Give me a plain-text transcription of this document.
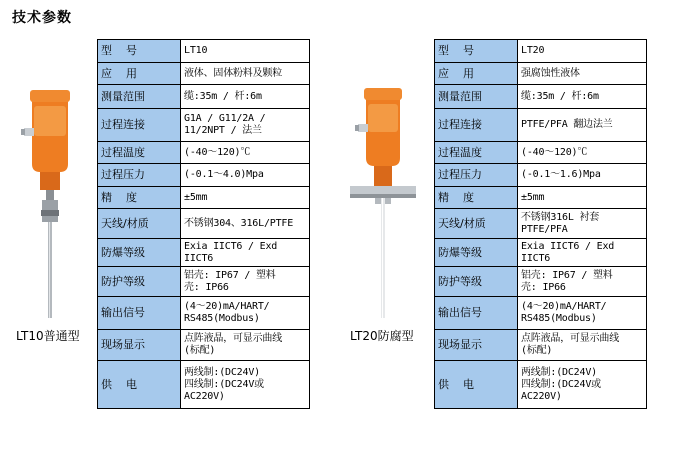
技术参数
LT10普通型	LT20防腐型
型    号	LT10
应    用	液体、固体粉料及颗粒
测量范围	缆:35m / 杆:6m
过程连接	G1A / G11/2A /
11/2NPT / 法兰
过程温度	(-40～120)℃
过程压力	(-0.1～4.0)Mpa
精    度	±5mm
天线/材质	不锈钢304、316L/PTFE
防爆等级	Exia IICT6 / Exd
IICT6
防护等级	铝壳: IP67 / 塑料
壳: IP66
输出信号	(4～20)mA/HART/
RS485(Modbus)
现场显示	点阵液晶，可显示曲线
(标配)
供    电	两线制:(DC24V)
四线制:(DC24V或
AC220V)
型    号	LT20
应    用	强腐蚀性液体
测量范围	缆:35m / 杆:6m
过程连接	PTFE/PFA 翻边法兰
过程温度	(-40～120)℃
过程压力	(-0.1～1.6)Mpa
精    度	±5mm
天线/材质	不锈钢316L 衬套
PTFE/PFA
防爆等级	Exia IICT6 / Exd
IICT6
防护等级	铝壳: IP67 / 塑料
壳: IP66
输出信号	(4～20)mA/HART/
RS485(Modbus)
现场显示	点阵液晶，可显示曲线
(标配)
供    电	两线制:(DC24V)
四线制:(DC24V或
AC220V)
